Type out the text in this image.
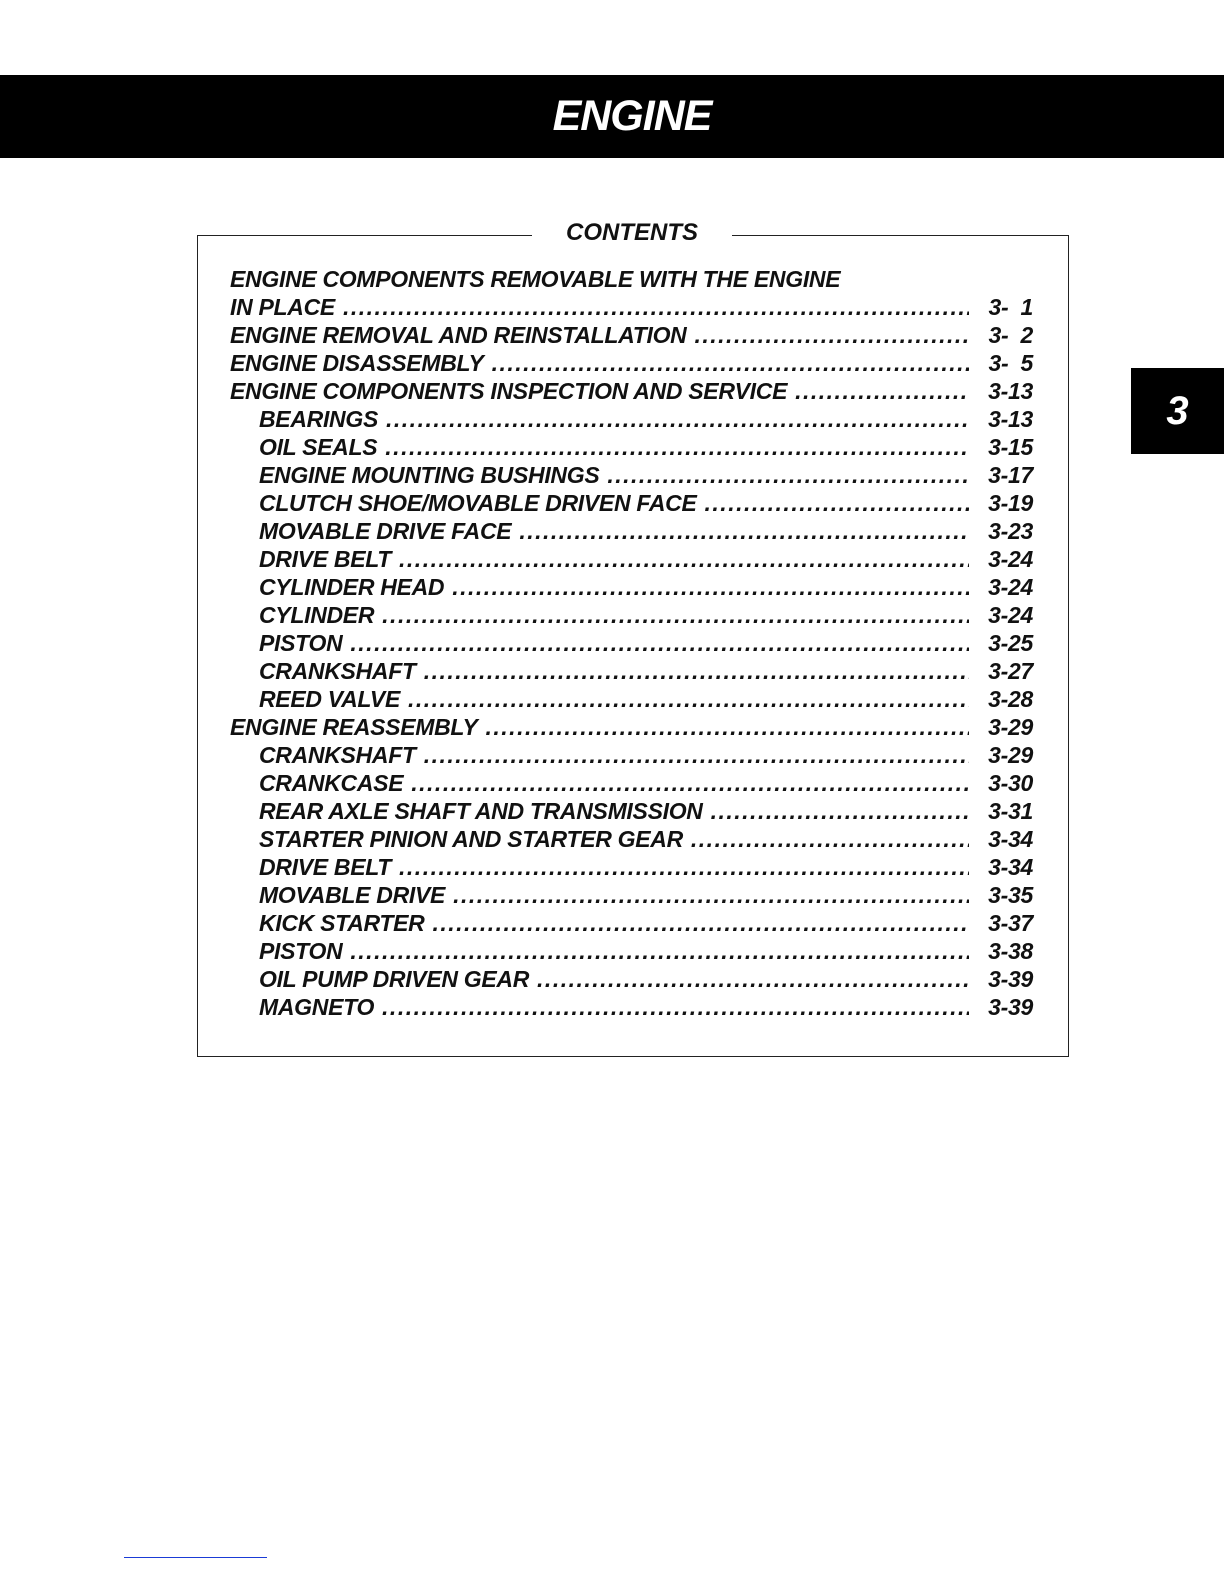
ENGINE
3
CONTENTS
ENGINE COMPONENTS REMOVABLE WITH THE ENGINE
IN PLACE .....	3-  1
ENGINE REMOVAL AND REINSTALLATION .....	3-  2
ENGINE DISASSEMBLY .....	3-  5
ENGINE COMPONENTS INSPECTION AND SERVICE .....	3-13
BEARINGS .....	3-13
OIL SEALS .....	3-15
ENGINE MOUNTING BUSHINGS .....	3-17
CLUTCH SHOE/MOVABLE DRIVEN FACE .....	3-19
MOVABLE DRIVE FACE .....	3-23
DRIVE BELT .....	3-24
CYLINDER HEAD .....	3-24
CYLINDER .....	3-24
PISTON .....	3-25
CRANKSHAFT .....	3-27
REED VALVE .....	3-28
ENGINE REASSEMBLY .....	3-29
CRANKSHAFT .....	3-29
CRANKCASE .....	3-30
REAR AXLE SHAFT AND TRANSMISSION .....	3-31
STARTER PINION AND STARTER GEAR .....	3-34
DRIVE BELT .....	3-34
MOVABLE DRIVE .....	3-35
KICK STARTER .....	3-37
PISTON .....	3-38
OIL PUMP DRIVEN GEAR .....	3-39
MAGNETO .....	3-39
